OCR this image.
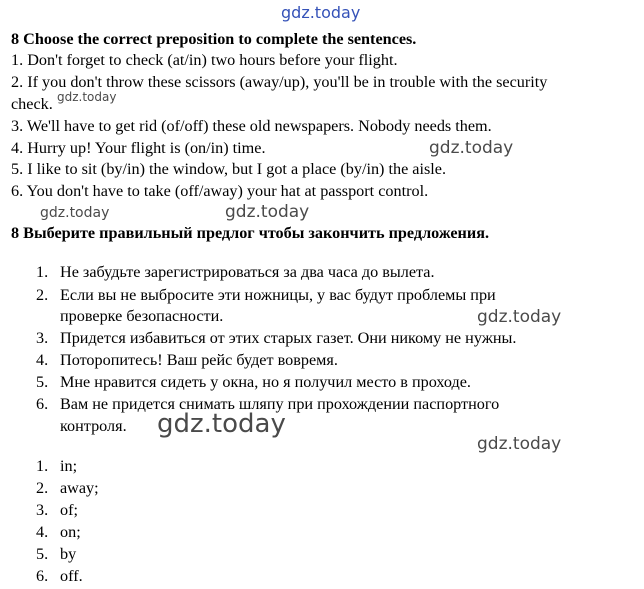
gdz.today
gdz.today
gdz.today
gdz.today	gdz.today
gdz.today
gdz.today
gdz.today
8 Choose the correct preposition to complete the sentences.
1. Don't forget to check (at/in) two hours before your flight.
2. If you don't throw these scissors (away/up), you'll be in trouble with the security
check.
3. We'll have to get rid (of/off) these old newspapers. Nobody needs them.
4. Hurry up! Your flight is (on/in) time.
5. I like to sit (by/in) the window, but I got a place (by/in) the aisle.
6. You don't have to take (off/away) your hat at passport control.
8 Выберите правильный предлог чтобы закончить предложения.
1. Не забудьте зарегистрироваться за два часа до вылета.
2. Если вы не выбросите эти ножницы, у вас будут проблемы при
проверке безопасности.
3. Придется избавиться от этих старых газет. Они никому не нужны.
4. Поторопитесь! Ваш рейс будет вовремя.
5. Мне нравится сидеть у окна, но я получил место в проходе.
6. Вам не придется снимать шляпу при прохождении паспортного
контроля.
1. in;
2. away;
3. of;
4. on;
5. by
6. off.
